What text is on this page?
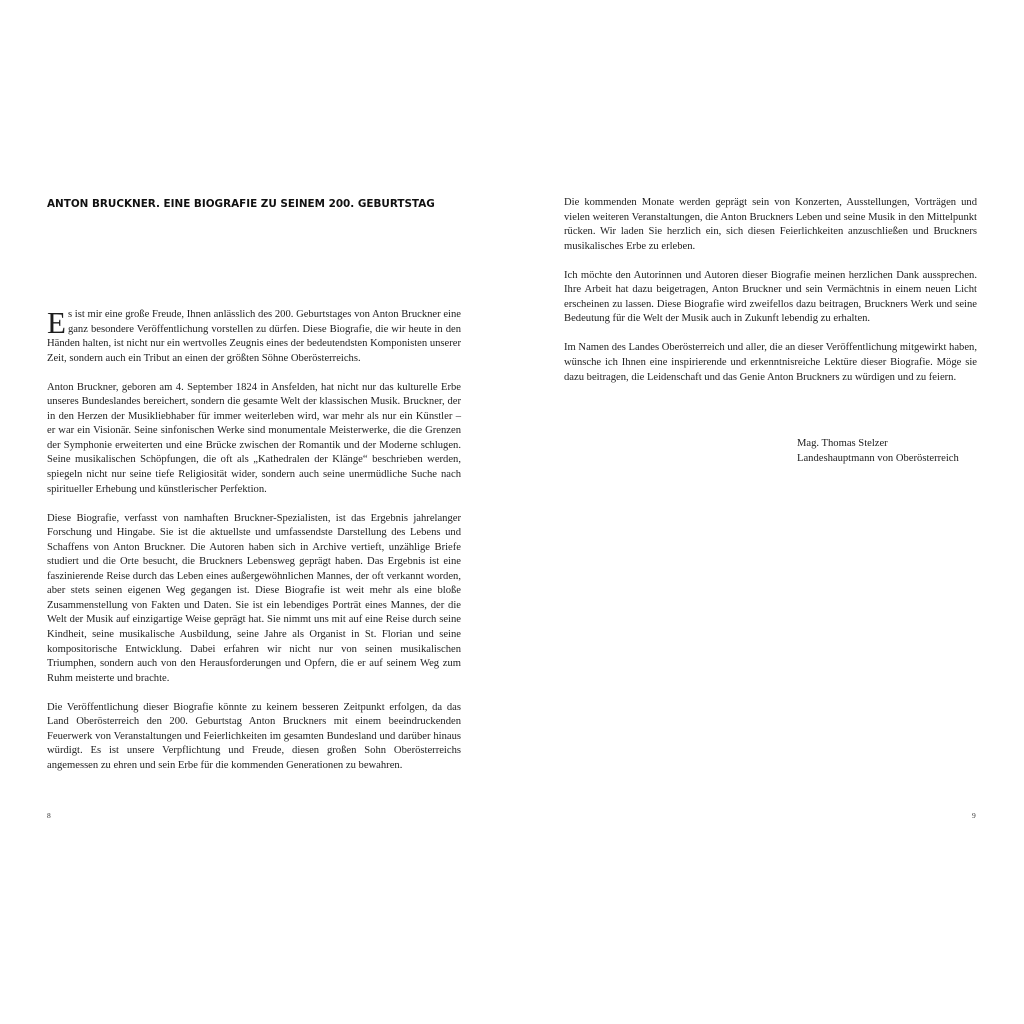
ANTON BRUCKNER. EINE BIOGRAFIE ZU SEINEM 200. GEBURTSTAG

Es ist mir eine große Freude, Ihnen anlässlich des 200. Geburtstages von Anton Bruckner eine ganz besondere Veröffentlichung vorstellen zu dürfen. Diese Biografie, die wir heute in den Händen halten, ist nicht nur ein wertvolles Zeugnis eines der bedeutendsten Komponisten unserer Zeit, sondern auch ein Tribut an einen der größten Söhne Oberösterreichs.

Anton Bruckner, geboren am 4. September 1824 in Ansfelden, hat nicht nur das kulturelle Erbe unseres Bundeslandes bereichert, sondern die gesamte Welt der klassischen Musik. Bruckner, der in den Herzen der Musikliebhaber für immer weiterleben wird, war mehr als nur ein Künstler – er war ein Visionär. Seine sinfonischen Werke sind monumentale Meisterwerke, die die Grenzen der Symphonie erweiterten und eine Brücke zwischen der Romantik und der Moderne schlugen. Seine musikalischen Schöpfungen, die oft als „Kathedralen der Klänge“ beschrieben werden, spiegeln nicht nur seine tiefe Religiosität wider, sondern auch seine unermüdliche Suche nach spiritueller Erhebung und künstlerischer Perfektion.

Diese Biografie, verfasst von namhaften Bruckner-Spezialisten, ist das Ergebnis jahrelanger Forschung und Hingabe. Sie ist die aktuellste und umfassendste Darstellung des Lebens und Schaffens von Anton Bruckner. Die Autoren haben sich in Archive vertieft, unzählige Briefe studiert und die Orte besucht, die Bruckners Lebensweg geprägt haben. Das Ergebnis ist eine faszinierende Reise durch das Leben eines außergewöhnlichen Mannes, der oft verkannt worden, aber stets seinen eigenen Weg gegangen ist. Diese Biografie ist weit mehr als eine bloße Zusammenstellung von Fakten und Daten. Sie ist ein lebendiges Porträt eines Mannes, der die Welt der Musik auf einzigartige Weise geprägt hat. Sie nimmt uns mit auf eine Reise durch seine Kindheit, seine musikalische Ausbildung, seine Jahre als Organist in St. Florian und seine kompositorische Entwicklung. Dabei erfahren wir nicht nur von seinen musikalischen Triumphen, sondern auch von den Herausforderungen und Opfern, die er auf seinem Weg zum Ruhm meisterte und brachte.

Die Veröffentlichung dieser Biografie könnte zu keinem besseren Zeitpunkt erfolgen, da das Land Oberösterreich den 200. Geburtstag Anton Bruckners mit einem beeindruckenden Feuerwerk von Veranstaltungen und Feierlichkeiten im gesamten Bundesland und darüber hinaus würdigt. Es ist unsere Verpflichtung und Freude, diesen großen Sohn Oberösterreichs angemessen zu ehren und sein Erbe für die kommenden Generationen zu bewahren.

8

Die kommenden Monate werden geprägt sein von Konzerten, Ausstellungen, Vorträgen und vielen weiteren Veranstaltungen, die Anton Bruckners Leben und seine Musik in den Mittelpunkt rücken. Wir laden Sie herzlich ein, sich diesen Feierlichkeiten anzuschließen und Bruckners musikalisches Erbe zu erleben.

Ich möchte den Autorinnen und Autoren dieser Biografie meinen herzlichen Dank aussprechen. Ihre Arbeit hat dazu beigetragen, Anton Bruckner und sein Vermächtnis in einem neuen Licht erscheinen zu lassen. Diese Biografie wird zweifellos dazu beitragen, Bruckners Werk und seine Bedeutung für die Welt der Musik auch in Zukunft lebendig zu erhalten.

Im Namen des Landes Oberösterreich und aller, die an dieser Veröffentlichung mitgewirkt haben, wünsche ich Ihnen eine inspirierende und erkenntnisreiche Lektüre dieser Biografie. Möge sie dazu beitragen, die Leidenschaft und das Genie Anton Bruckners zu würdigen und zu feiern.

Mag. Thomas Stelzer
Landeshauptmann von Oberösterreich
9
